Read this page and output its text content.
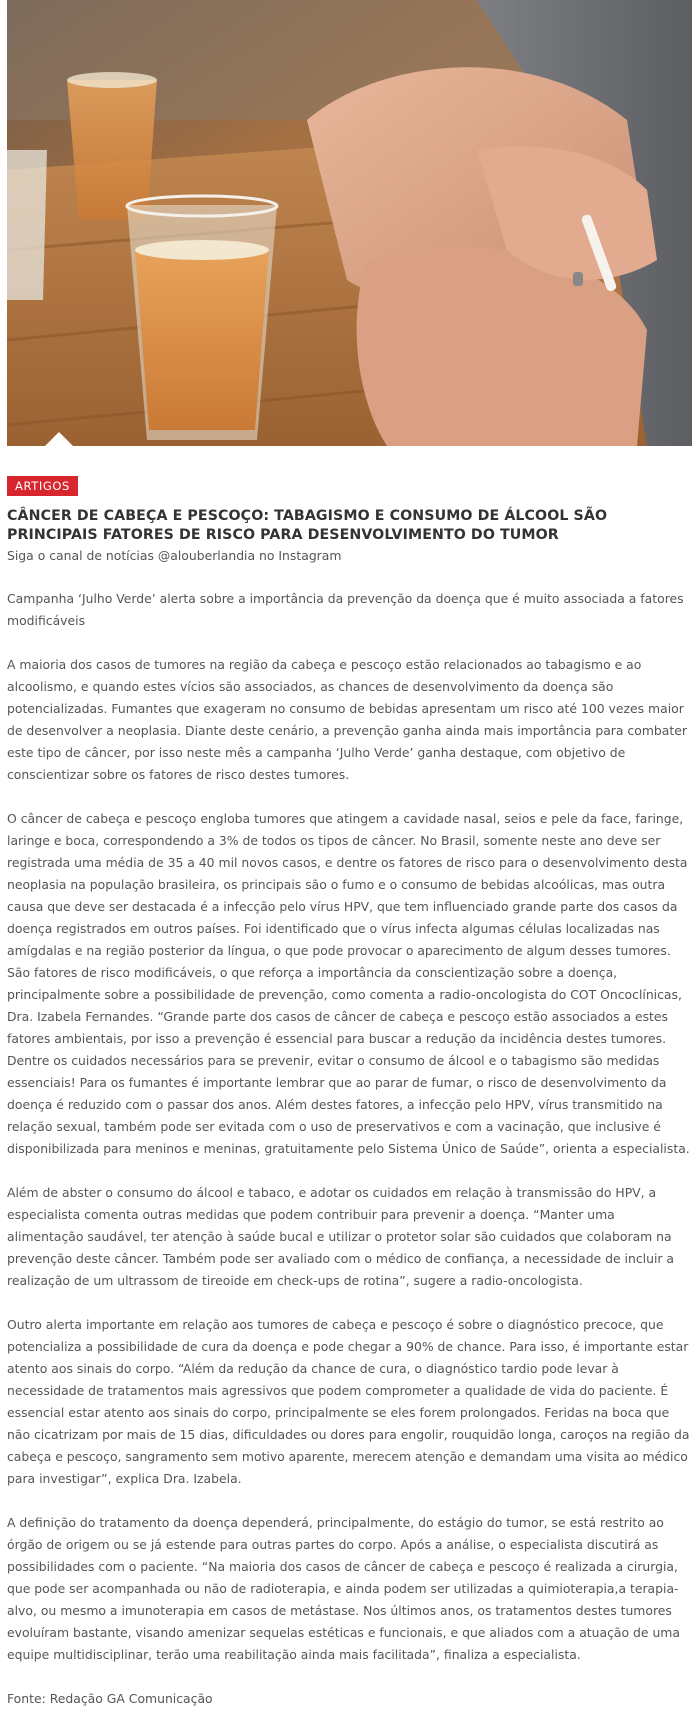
ARTIGOS
CÂNCER DE CABEÇA E PESCOÇO: TABAGISMO E CONSUMO DE ÁLCOOL SÃO PRINCIPAIS FATORES DE RISCO PARA DESENVOLVIMENTO DO TUMOR
Siga o canal de notícias @alouberlandia no Instagram

Campanha ‘Julho Verde’ alerta sobre a importância da prevenção da doença que é muito associada a fatores modificáveis

A maioria dos casos de tumores na região da cabeça e pescoço estão relacionados ao tabagismo e ao alcoolismo, e quando estes vícios são associados, as chances de desenvolvimento da doença são potencializadas. Fumantes que exageram no consumo de bebidas apresentam um risco até 100 vezes maior de desenvolver a neoplasia. Diante deste cenário, a prevenção ganha ainda mais importância para combater este tipo de câncer, por isso neste mês a campanha ‘Julho Verde’ ganha destaque, com objetivo de conscientizar sobre os fatores de risco destes tumores.

O câncer de cabeça e pescoço engloba tumores que atingem a cavidade nasal, seios e pele da face, faringe, laringe e boca, correspondendo a 3% de todos os tipos de câncer. No Brasil, somente neste ano deve ser registrada uma média de 35 a 40 mil novos casos, e dentre os fatores de risco para o desenvolvimento desta neoplasia na população brasileira, os principais são o fumo e o consumo de bebidas alcoólicas, mas outra causa que deve ser destacada é a infecção pelo vírus HPV, que tem influenciado grande parte dos casos da doença registrados em outros países. Foi identificado que o vírus infecta algumas células localizadas nas amígdalas e na região posterior da língua, o que pode provocar o aparecimento de algum desses tumores. São fatores de risco modificáveis, o que reforça a importância da conscientização sobre a doença, principalmente sobre a possibilidade de prevenção, como comenta a radio-oncologista do COT Oncoclínicas, Dra. Izabela Fernandes. “Grande parte dos casos de câncer de cabeça e pescoço estão associados a estes fatores ambientais, por isso a prevenção é essencial para buscar a redução da incidência destes tumores. Dentre os cuidados necessários para se prevenir, evitar o consumo de álcool e o tabagismo são medidas essenciais! Para os fumantes é importante lembrar que ao parar de fumar, o risco de desenvolvimento da doença é reduzido com o passar dos anos. Além destes fatores, a infecção pelo HPV, vírus transmitido na relação sexual, também pode ser evitada com o uso de preservativos e com a vacinação, que inclusive é disponibilizada para meninos e meninas, gratuitamente pelo Sistema Único de Saúde”, orienta a especialista.

Além de abster o consumo do álcool e tabaco, e adotar os cuidados em relação à transmissão do HPV, a especialista comenta outras medidas que podem contribuir para prevenir a doença. “Manter uma alimentação saudável, ter atenção à saúde bucal e utilizar o protetor solar são cuidados que colaboram na prevenção deste câncer. Também pode ser avaliado com o médico de confiança, a necessidade de incluir a realização de um ultrassom de tireoide em check-ups de rotina”, sugere a radio-oncologista.

Outro alerta importante em relação aos tumores de cabeça e pescoço é sobre o diagnóstico precoce, que potencializa a possibilidade de cura da doença e pode chegar a 90% de chance. Para isso, é importante estar atento aos sinais do corpo. “Além da redução da chance de cura, o diagnóstico tardio pode levar à necessidade de tratamentos mais agressivos que podem comprometer a qualidade de vida do paciente. É essencial estar atento aos sinais do corpo, principalmente se eles forem prolongados. Feridas na boca que não cicatrizam por mais de 15 dias, dificuldades ou dores para engolir, rouquidão longa, caroços na região da cabeça e pescoço, sangramento sem motivo aparente, merecem atenção e demandam uma visita ao médico para investigar”, explica Dra. Izabela.

A definição do tratamento da doença dependerá, principalmente, do estágio do tumor, se está restrito ao órgão de origem ou se já estende para outras partes do corpo. Após a análise, o especialista discutirá as possibilidades com o paciente. “Na maioria dos casos de câncer de cabeça e pescoço é realizada a cirurgia, que pode ser acompanhada ou não de radioterapia, e ainda podem ser utilizadas a quimioterapia,a terapia-alvo, ou mesmo a imunoterapia em casos de metástase. Nos últimos anos, os tratamentos destes tumores evoluíram bastante, visando amenizar sequelas estéticas e funcionais, e que aliados com a atuação de uma equipe multidisciplinar, terão uma reabilitação ainda mais facilitada”, finaliza a especialista.

Fonte: Redação GA Comunicação
